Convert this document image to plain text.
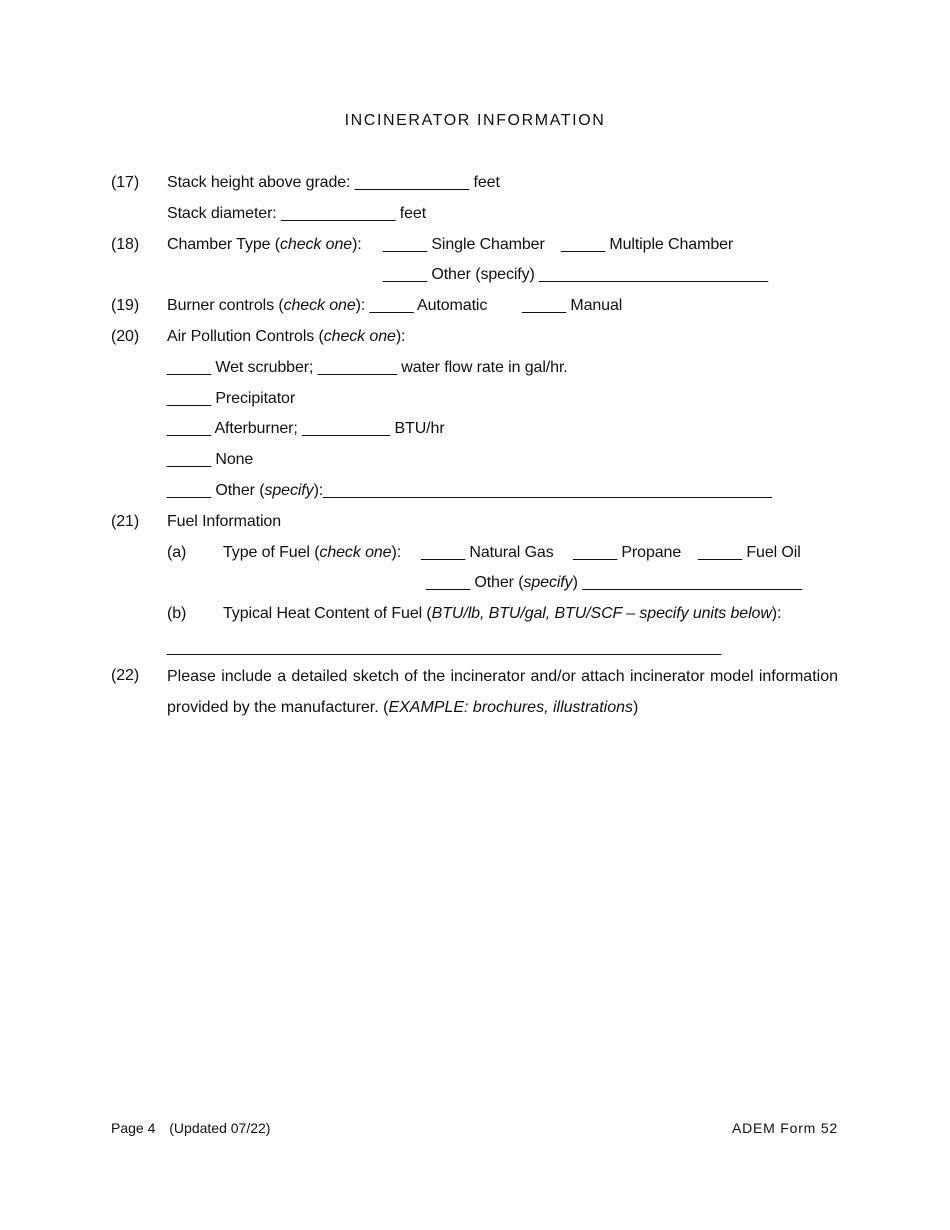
INCINERATOR INFORMATION
(17) Stack height above grade: _____________ feet
Stack diameter: _____________ feet
(18) Chamber Type (check one): _____ Single Chamber _____ Multiple Chamber
_____ Other (specify) __________________________
(19) Burner controls (check one): _____ Automatic _____ Manual
(20) Air Pollution Controls (check one):
_____ Wet scrubber; _________ water flow rate in gal/hr.
_____ Precipitator
_____ Afterburner; __________ BTU/hr
_____ None
_____ Other (specify):___________________________________________________
(21) Fuel Information
(a) Type of Fuel (check one): _____ Natural Gas _____ Propane _____ Fuel Oil
_____ Other (specify) _________________________
(b) Typical Heat Content of Fuel (BTU/lb, BTU/gal, BTU/SCF – specify units below):
_______________________________________________________________
(22) Please include a detailed sketch of the incinerator and/or attach incinerator model information provided by the manufacturer. (EXAMPLE: brochures, illustrations)
Page 4 (Updated 07/22)	ADEM Form 52
